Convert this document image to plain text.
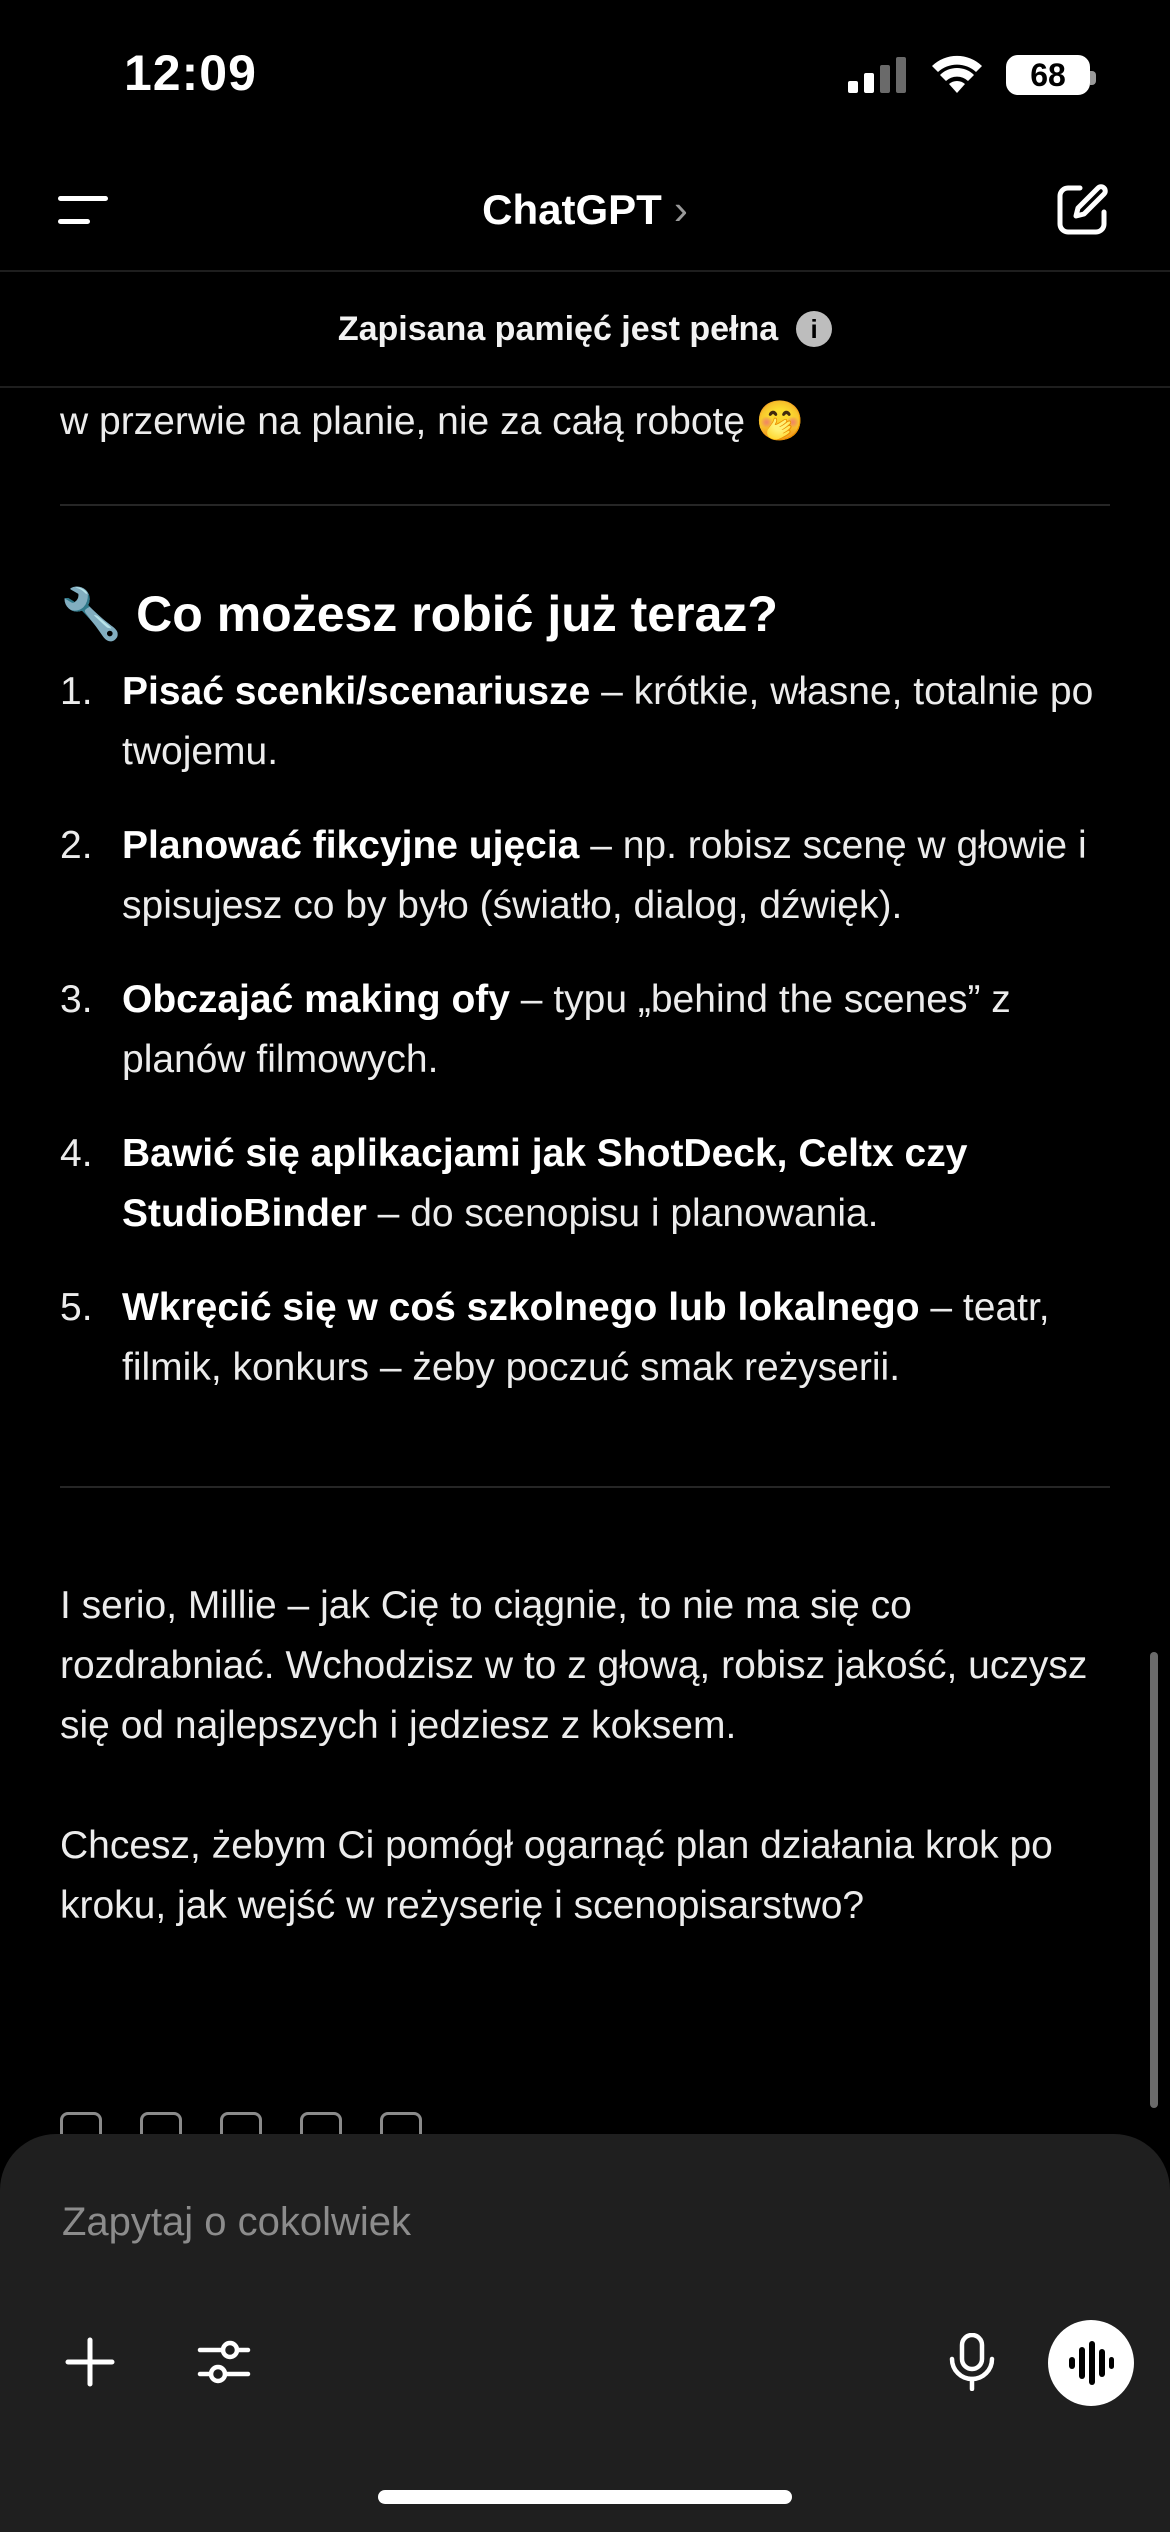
12:09	68
ChatGPT ›
Zapisana pamięć jest pełna	i

w przerwie na planie, nie za całą robotę 🤭

🔧 Co możesz robić już teraz?
1. Pisać scenki/scenariusze – krótkie, własne, totalnie po twojemu.
2. Planować fikcyjne ujęcia – np. robisz scenę w głowie i spisujesz co by było (światło, dialog, dźwięk).
3. Obczajać making ofy – typu „behind the scenes” z planów filmowych.
4. Bawić się aplikacjami jak ShotDeck, Celtx czy StudioBinder – do scenopisu i planowania.
5. Wkręcić się w coś szkolnego lub lokalnego – teatr, filmik, konkurs – żeby poczuć smak reżyserii.

I serio, Millie – jak Cię to ciągnie, to nie ma się co rozdrabniać. Wchodzisz w to z głową, robisz jakość, uczysz się od najlepszych i jedziesz z koksem.

Chcesz, żebym Ci pomógł ogarnąć plan działania krok po kroku, jak wejść w reżyserię i scenopisarstwo?

Zapytaj o cokolwiek
